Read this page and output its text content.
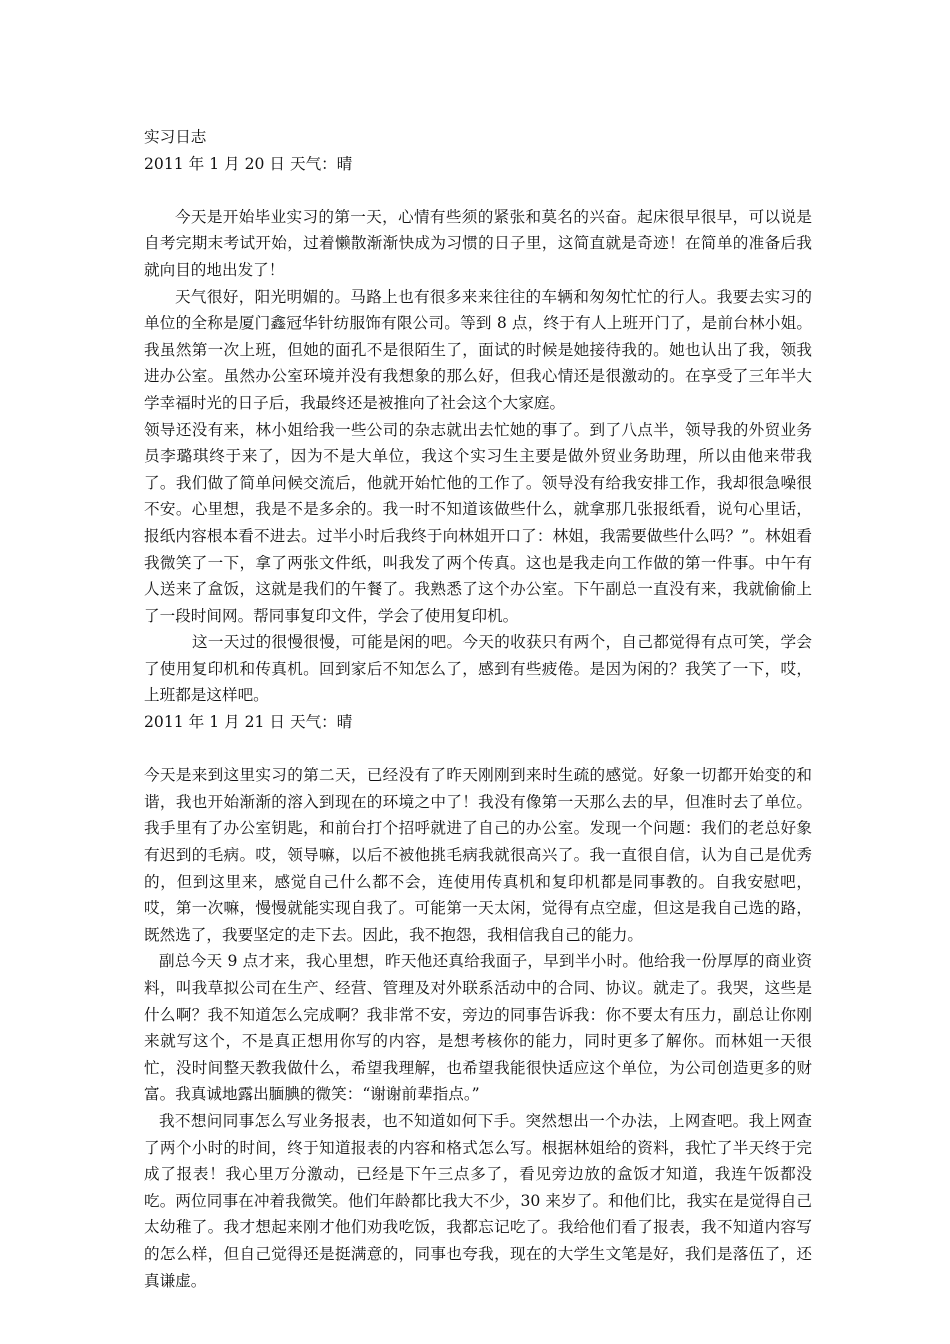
实习日志
2011 年 1 月 20 日 天气：晴

今天是开始毕业实习的第一天，心情有些须的紧张和莫名的兴奋。起床很早很早，可以说是自考完期末考试开始，过着懒散渐渐快成为习惯的日子里，这简直就是奇迹！在简单的准备后我就向目的地出发了！

天气很好，阳光明媚的。马路上也有很多来来往往的车辆和匆匆忙忙的行人。我要去实习的单位的全称是厦门鑫冠华针纺服饰有限公司。等到 8 点，终于有人上班开门了，是前台林小姐。我虽然第一次上班，但她的面孔不是很陌生了，面试的时候是她接待我的。她也认出了我，领我进办公室。虽然办公室环境并没有我想象的那么好，但我心情还是很激动的。在享受了三年半大学幸福时光的日子后，我最终还是被推向了社会这个大家庭。

领导还没有来，林小姐给我一些公司的杂志就出去忙她的事了。到了八点半，领导我的外贸业务员李璐琪终于来了，因为不是大单位，我这个实习生主要是做外贸业务助理，所以由他来带我了。我们做了简单问候交流后，他就开始忙他的工作了。领导没有给我安排工作，我却很急噪很不安。心里想，我是不是多余的。我一时不知道该做些什么，就拿那几张报纸看，说句心里话，报纸内容根本看不进去。过半小时后我终于向林姐开口了：林姐，我需要做些什么吗？”。林姐看我微笑了一下，拿了两张文件纸，叫我发了两个传真。这也是我走向工作做的第一件事。中午有人送来了盒饭，这就是我们的午餐了。我熟悉了这个办公室。下午副总一直没有来，我就偷偷上了一段时间网。帮同事复印文件，学会了使用复印机。

这一天过的很慢很慢，可能是闲的吧。今天的收获只有两个，自己都觉得有点可笑，学会了使用复印机和传真机。回到家后不知怎么了，感到有些疲倦。是因为闲的？我笑了一下，哎，上班都是这样吧。

2011 年 1 月 21 日 天气：晴

今天是来到这里实习的第二天，已经没有了昨天刚刚到来时生疏的感觉。好象一切都开始变的和谐，我也开始渐渐的溶入到现在的环境之中了！我没有像第一天那么去的早，但准时去了单位。我手里有了办公室钥匙，和前台打个招呼就进了自己的办公室。发现一个问题：我们的老总好象有迟到的毛病。哎，领导嘛，以后不被他挑毛病我就很高兴了。我一直很自信，认为自己是优秀的，但到这里来，感觉自己什么都不会，连使用传真机和复印机都是同事教的。自我安慰吧，哎，第一次嘛，慢慢就能实现自我了。可能第一天太闲，觉得有点空虚，但这是我自己选的路，既然选了，我要坚定的走下去。因此，我不抱怨，我相信我自己的能力。

副总今天 9 点才来，我心里想，昨天他还真给我面子，早到半小时。他给我一份厚厚的商业资料，叫我草拟公司在生产、经营、管理及对外联系活动中的合同、协议。就走了。我哭，这些是什么啊？我不知道怎么完成啊？我非常不安，旁边的同事告诉我：你不要太有压力，副总让你刚来就写这个，不是真正想用你写的内容，是想考核你的能力，同时更多了解你。而林姐一天很忙，没时间整天教我做什么，希望我理解，也希望我能很快适应这个单位，为公司创造更多的财富。我真诚地露出腼腆的微笑：“谢谢前辈指点。”

我不想问同事怎么写业务报表，也不知道如何下手。突然想出一个办法，上网查吧。我上网查了两个小时的时间，终于知道报表的内容和格式怎么写。根据林姐给的资料，我忙了半天终于完成了报表！我心里万分激动，已经是下午三点多了，看见旁边放的盒饭才知道，我连午饭都没吃。两位同事在冲着我微笑。他们年龄都比我大不少，30 来岁了。和他们比，我实在是觉得自己太幼稚了。我才想起来刚才他们劝我吃饭，我都忘记吃了。我给他们看了报表，我不知道内容写的怎么样，但自己觉得还是挺满意的，同事也夸我，现在的大学生文笔是好，我们是落伍了，还真谦虚。
